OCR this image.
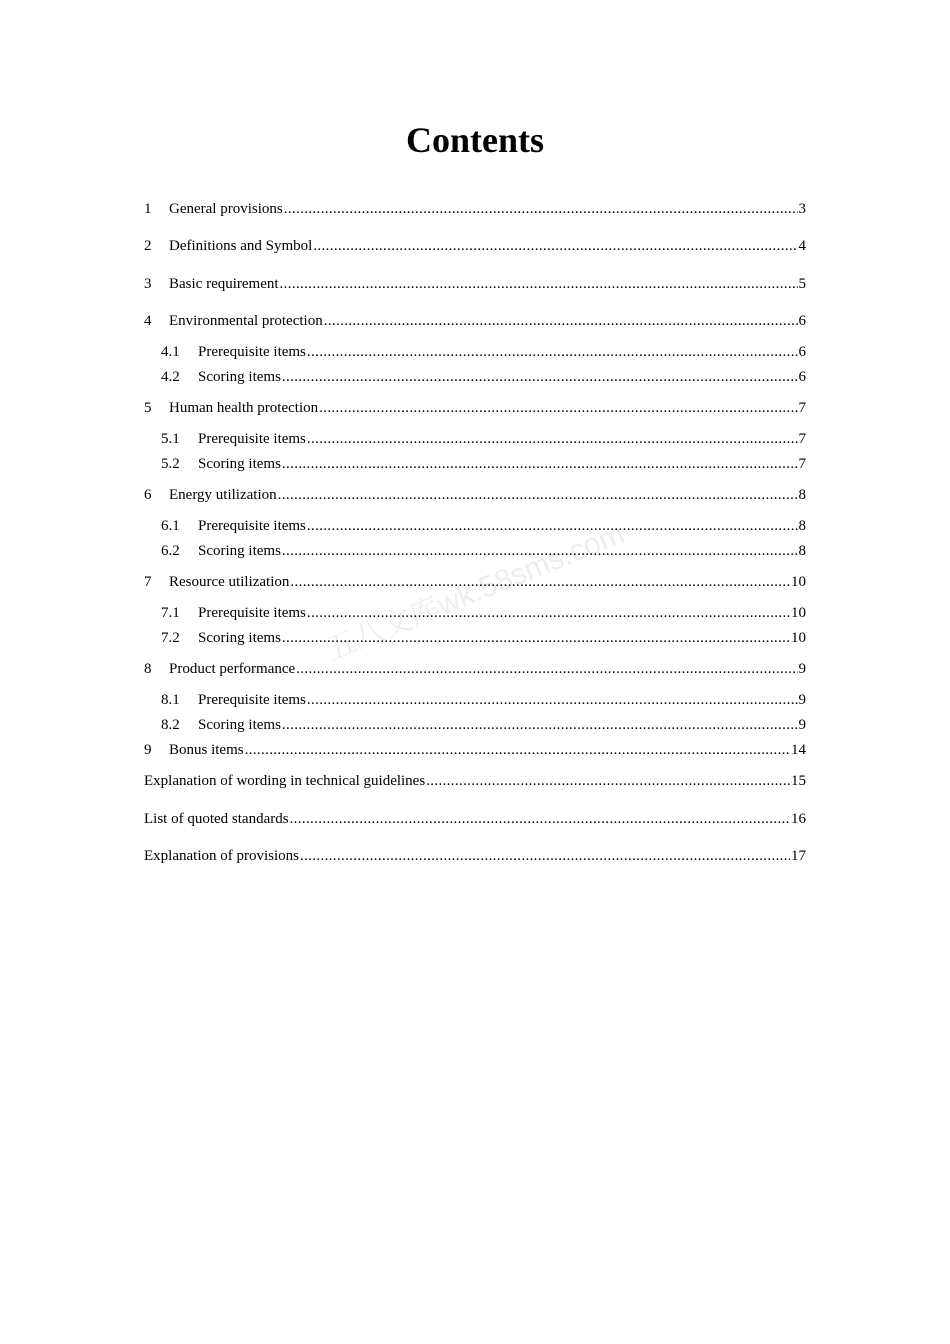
Contents
1	General provisions .....	3
2	Definitions and Symbol .....	4
3	Basic requirement .....	5
4	Environmental protection .....	6
4.1	Prerequisite items .....	6
4.2	Scoring items .....	6
5	Human health protection .....	7
5.1	Prerequisite items .....	7
5.2	Scoring items .....	7
6	Energy utilization .....	8
6.1	Prerequisite items .....	8
6.2	Scoring items .....	8
7	Resource utilization .....	10
7.1	Prerequisite items .....	10
7.2	Scoring items .....	10
8	Product performance .....	9
8.1	Prerequisite items .....	9
8.2	Scoring items .....	9
9	Bonus items .....	14
Explanation of wording in technical guidelines .....	15
List of quoted standards .....	16
Explanation of provisions .....	17
五八文库wk.58sms.com
